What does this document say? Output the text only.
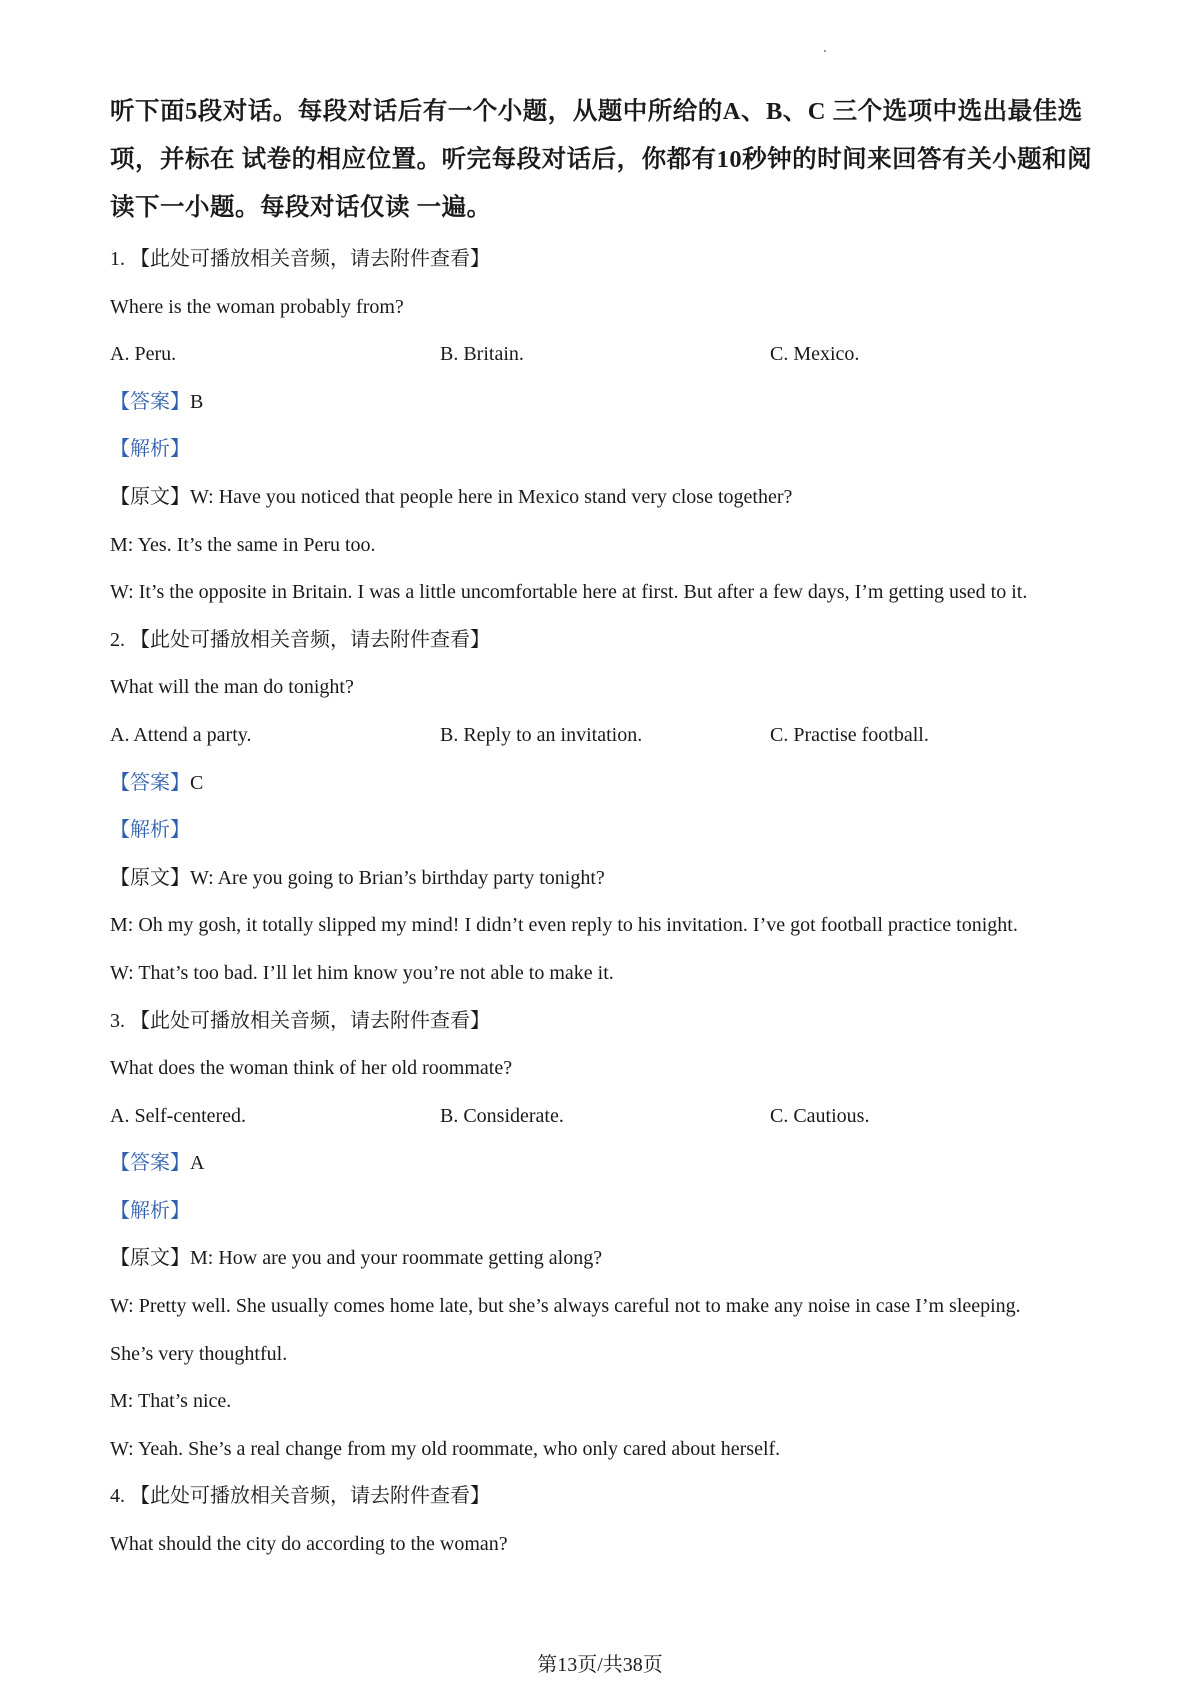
听下面5段对话。每段对话后有一个小题，从题中所给的A、B、C 三个选项中选出最佳选项，并标在 试卷的相应位置。听完每段对话后，你都有10秒钟的时间来回答有关小题和阅读下一小题。每段对话仅读 一遍。
1. 【此处可播放相关音频，请去附件查看】
Where is the woman probably from?
A. Peru.	B. Britain.	C. Mexico.
【答案】B
【解析】
【原文】W: Have you noticed that people here in Mexico stand very close together?
M: Yes. It’s the same in Peru too.
W: It’s the opposite in Britain. I was a little uncomfortable here at first. But after a few days, I’m getting used to it.
2. 【此处可播放相关音频，请去附件查看】
What will the man do tonight?
A. Attend a party.	B. Reply to an invitation.	C. Practise football.
【答案】C
【解析】
【原文】W: Are you going to Brian’s birthday party tonight?
M: Oh my gosh, it totally slipped my mind! I didn’t even reply to his invitation. I’ve got football practice tonight.
W: That’s too bad. I’ll let him know you’re not able to make it.
3. 【此处可播放相关音频，请去附件查看】
What does the woman think of her old roommate?
A. Self-centered.	B. Considerate.	C. Cautious.
【答案】A
【解析】
【原文】M: How are you and your roommate getting along?
W: Pretty well. She usually comes home late, but she’s always careful not to make any noise in case I’m sleeping.
She’s very thoughtful.
M: That’s nice.
W: Yeah. She’s a real change from my old roommate, who only cared about herself.
4. 【此处可播放相关音频，请去附件查看】
What should the city do according to the woman?
第13页/共38页
